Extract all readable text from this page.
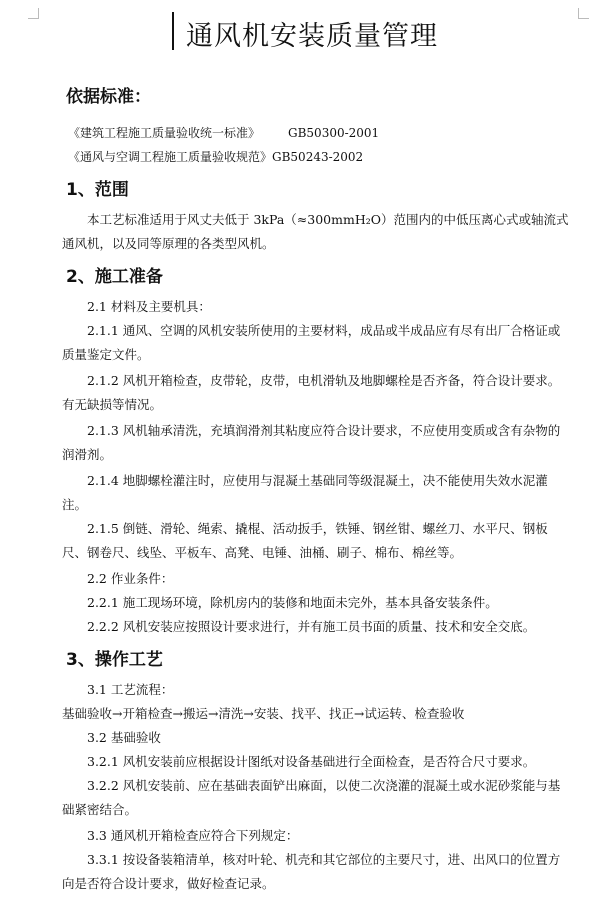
通风机安装质量管理
依据标准：
《建筑工程施工质量验收统一标准》 GB50300-2001
《通风与空调工程施工质量验收规范》GB50243-2002
1、范围

本工艺标准适用于风丈夫低于 3kPa（≈300mmH₂O）范围内的中低压离心式或轴流式通风机，以及同等原理的各类型风机。

2、施工准备

2.1 材料及主要机具：

2.1.1 通风、空调的风机安装所使用的主要材料，成品或半成品应有尽有出厂合格证或质量鉴定文件。

2.1.2 风机开箱检查，皮带轮，皮带，电机滑轨及地脚螺栓是否齐备，符合设计要求。有无缺损等情况。

2.1.3 风机轴承清洗，充填润滑剂其粘度应符合设计要求，不应使用变质或含有杂物的润滑剂。

2.1.4 地脚螺栓灌注时，应使用与混凝土基础同等级混凝土，决不能使用失效水泥灌注。

2.1.5 倒链、滑轮、绳索、撬棍、活动扳手，铁锤、钢丝钳、螺丝刀、水平尺、钢板尺、钢卷尺、线坠、平板车、高凳、电锤、油桶、刷子、棉布、棉丝等。

2.2 作业条件：

2.2.1 施工现场环境，除机房内的装修和地面未完外，基本具备安装条件。

2.2.2 风机安装应按照设计要求进行，并有施工员书面的质量、技术和安全交底。

3、操作工艺

3.1 工艺流程：

基础验收→开箱检查→搬运→清洗→安装、找平、找正→试运转、检查验收

3.2 基础验收

3.2.1 风机安装前应根据设计图纸对设备基础进行全面检查，是否符合尺寸要求。

3.2.2 风机安装前、应在基础表面铲出麻面，以使二次浇灌的混凝土或水泥砂浆能与基础紧密结合。

3.3 通风机开箱检查应符合下列规定：

3.3.1 按设备装箱清单，核对叶轮、机壳和其它部位的主要尺寸，进、出风口的位置方向是否符合设计要求，做好检查记录。
